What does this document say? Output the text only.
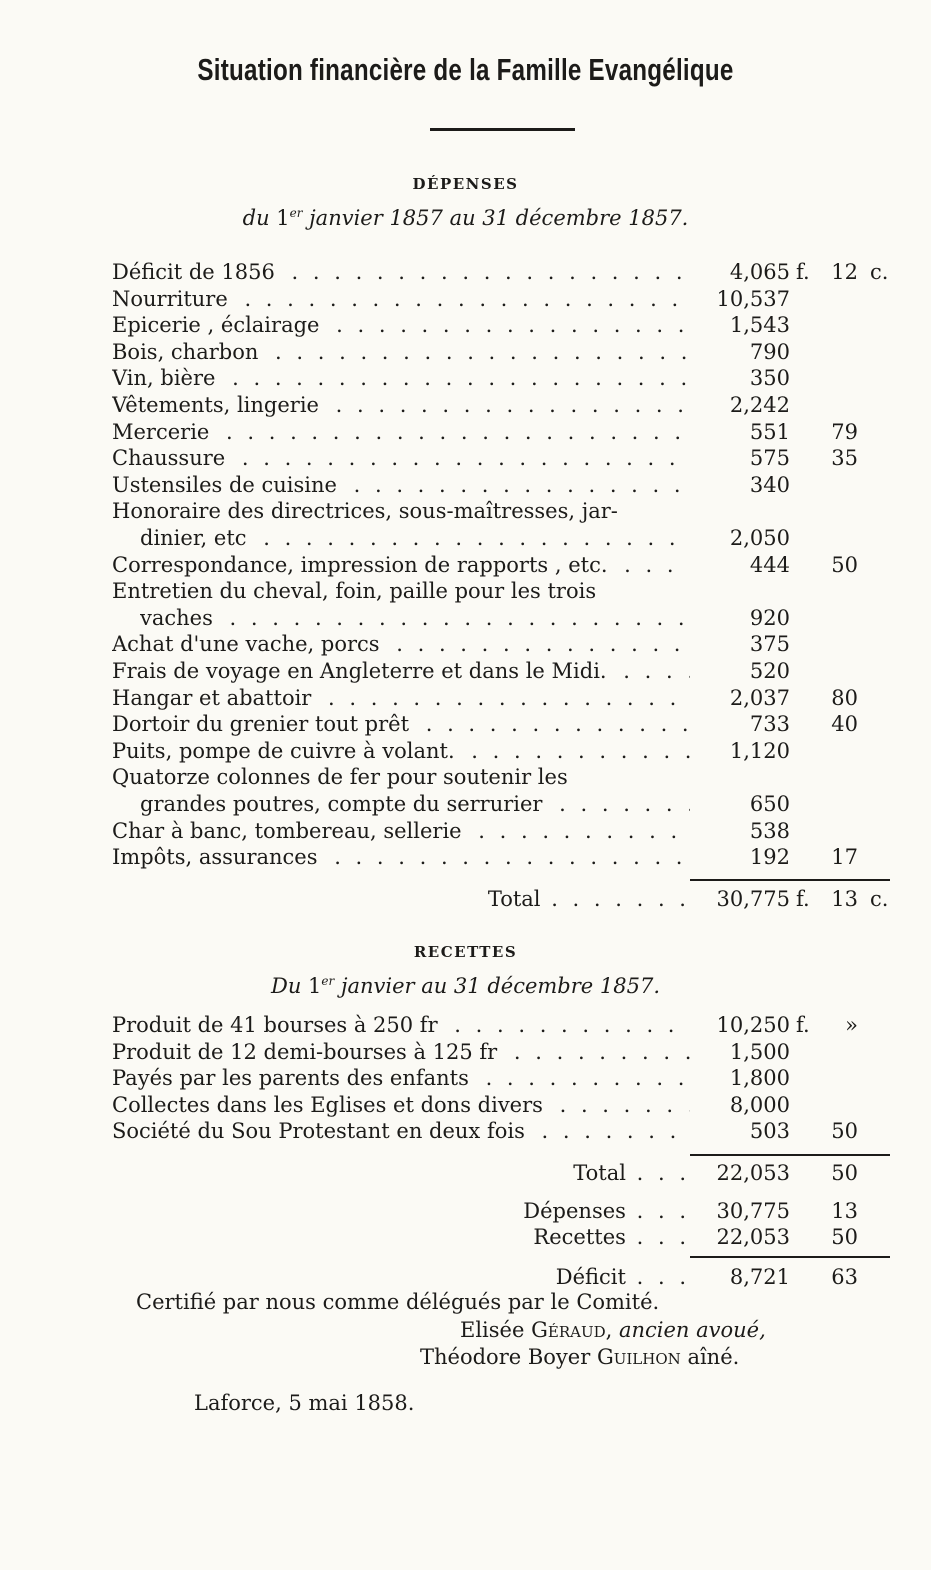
Situation financière de la Famille Evangélique
DÉPENSES
du 1er janvier 1857 au 31 décembre 1857.
Déficit de 1856 . . .	4,065 f.	12 c.
Nourriture . . .	10,537
Epicerie , éclairage . . .	1,543
Bois, charbon . . .	790
Vin, bière . . .	350
Vêtements, lingerie . . .	2,242
Mercerie . . .	551	79
Chaussure . . .	575	35
Ustensiles de cuisine . . .	340
Honoraire des directrices, sous-maîtresses, jar-
dinier, etc . . .	2,050
Correspondance, impression de rapports , etc. . . .	444	50
Entretien du cheval, foin, paille pour les trois
vaches . . .	920
Achat d'une vache, porcs . . .	375
Frais de voyage en Angleterre et dans le Midi. . . .	520
Hangar et abattoir . . .	2,037	80
Dortoir du grenier tout prêt . . .	733	40
Puits, pompe de cuivre à volant. . . .	1,120
Quatorze colonnes de fer pour soutenir les
grandes poutres, compte du serrurier . . .	650
Char à banc, tombereau, sellerie . . .	538
Impôts, assurances . . .	192	17
Total . . . . . . .	30,775 f.	13 c.
RECETTES
Du 1er janvier au 31 décembre 1857.
Produit de 41 bourses à 250 fr . . .	10,250 f.	»
Produit de 12 demi-bourses à 125 fr . . .	1,500
Payés par les parents des enfants . . .	1,800
Collectes dans les Eglises et dons divers . . .	8,000
Société du Sou Protestant en deux fois . . .	503	50
Total . . .	22,053	50
Dépenses . . .	30,775	13
Recettes . . .	22,053	50
Déficit . . .	8,721	63
Certifié par nous comme délégués par le Comité.
Elisée Géraud, ancien avoué,
Théodore Boyer Guilhon aîné.
Laforce, 5 mai 1858.
